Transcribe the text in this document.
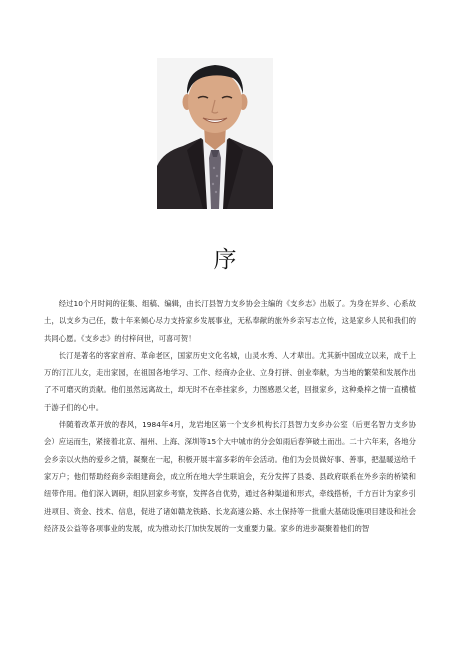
序

经过10个月时间的征集、组稿、编辑，由长汀县智力支乡协会主编的《支乡志》出版了。为身在异乡、心系故土，以支乡为己任，数十年来倾心尽力支持家乡发展事业，无私奉献的旅外乡亲写志立传，这是家乡人民和我们的共同心愿。《支乡志》的付梓问世，可喜可贺！

长汀是著名的客家首府、革命老区，国家历史文化名城，山灵水秀、人才辈出。尤其新中国成立以来，成千上万的汀江儿女，走出家园，在祖国各地学习、工作、经商办企业、立身打拼、创业奉献，为当地的繁荣和发展作出了不可磨灭的贡献。他们虽然远离故土，却无时不在牵挂家乡，力图感恩父老，回报家乡，这种桑梓之情一直横植于游子们的心中。

伴随着改革开放的春风，1984年4月，龙岩地区第一个支乡机构长汀县智力支乡办公室（后更名智力支乡协会）应运而生，紧接着北京、福州、上海、深圳等15个大中城市的分会如雨后春笋破土而出。二十六年来，各地分会乡亲以火热的爱乡之情，凝聚在一起，积极开展丰富多彩的年会活动。他们为会员做好事、善事，把温暖送给千家万户；他们帮助经商乡亲组建商会，成立所在地大学生联谊会，充分发挥了县委、县政府联系在外乡亲的桥梁和纽带作用。他们深入调研，组队回家乡考察，发挥各自优势，通过各种渠道和形式，牵线搭桥，千方百计为家乡引进项目、资金、技术、信息，促进了诸如赣龙铁路、长龙高速公路、水土保持等一批重大基础设施项目建设和社会经济及公益等各项事业的发展，成为推动长汀加快发展的一支重要力量。家乡的进步凝聚着他们的智
